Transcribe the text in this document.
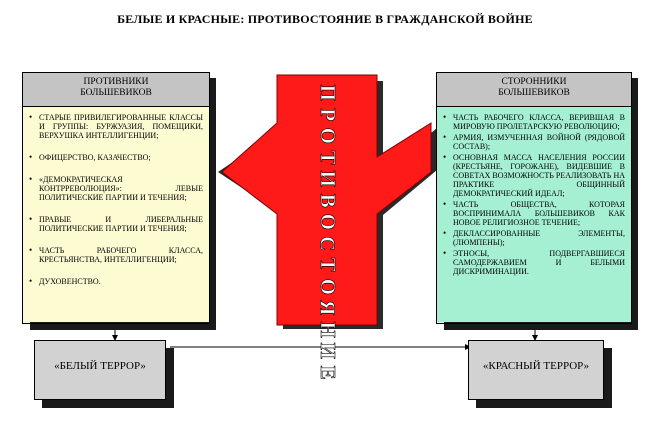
БЕЛЫЕ И КРАСНЫЕ: ПРОТИВОСТОЯНИЕ В ГРАЖДАНСКОЙ ВОЙНЕ
П
Р
О
Т
И
В
О
С
Т
О
Я
Н
И
Е
ПРОТИВНИКИ
БОЛЬШЕВИКОВ
• СТАРЫЕ ПРИВИЛЕГИРОВАННЫЕ КЛАССЫ И ГРУППЫ: БУРЖУАЗИЯ, ПОМЕЩИКИ, ВЕРХУШКА ИНТЕЛЛИГЕНЦИИ;
• ОФИЦЕРСТВО, КАЗАЧЕСТВО;
• «ДЕМОКРАТИЧЕСКАЯ КОНТРРЕВОЛЮЦИЯ»: ЛЕВЫЕ ПОЛИТИЧЕСКИЕ ПАРТИИ И ТЕЧЕНИЯ;
• ПРАВЫЕ И ЛИБЕРАЛЬНЫЕ ПОЛИТИЧЕСКИЕ ПАРТИИ И ТЕЧЕНИЯ;
• ЧАСТЬ РАБОЧЕГО КЛАССА, КРЕСТЬЯНСТВА, ИНТЕЛЛИГЕНЦИИ;
• ДУХОВЕНСТВО.
СТОРОННИКИ
БОЛЬШЕВИКОВ
• ЧАСТЬ РАБОЧЕГО КЛАССА, ВЕРИВШАЯ В МИРОВУЮ ПРОЛЕТАРСКУЮ РЕВОЛЮЦИЮ;
• АРМИЯ, ИЗМУЧЕННАЯ ВОЙНОЙ (РЯДОВОЙ СОСТАВ);
• ОСНОВНАЯ МАССА НАСЕЛЕНИЯ РОССИИ (КРЕСТЬЯНЕ, ГОРОЖАНЕ), ВИДЕВШИЕ В СОВЕТАХ ВОЗМОЖНОСТЬ РЕАЛИЗОВАТЬ НА ПРАКТИКЕ ОБЩИННЫЙ ДЕМОКРАТИЧЕСКИЙ ИДЕАЛ;
• ЧАСТЬ ОБЩЕСТВА, КОТОРАЯ ВОСПРИНИМАЛА БОЛЬШЕВИКОВ КАК НОВОЕ РЕЛИГИОЗНОЕ ТЕЧЕНИЕ;
• ДЕКЛАССИРОВАННЫЕ ЭЛЕМЕНТЫ, (ЛЮМПЕНЫ);
• ЭТНОСЫ, ПОДВЕРГАВШИЕСЯ САМОДЕРЖАВИЕМ И БЕЛЫМИ ДИСКРИМИНАЦИИ.
«БЕЛЫЙ ТЕРРОР»	«КРАСНЫЙ ТЕРРОР»
